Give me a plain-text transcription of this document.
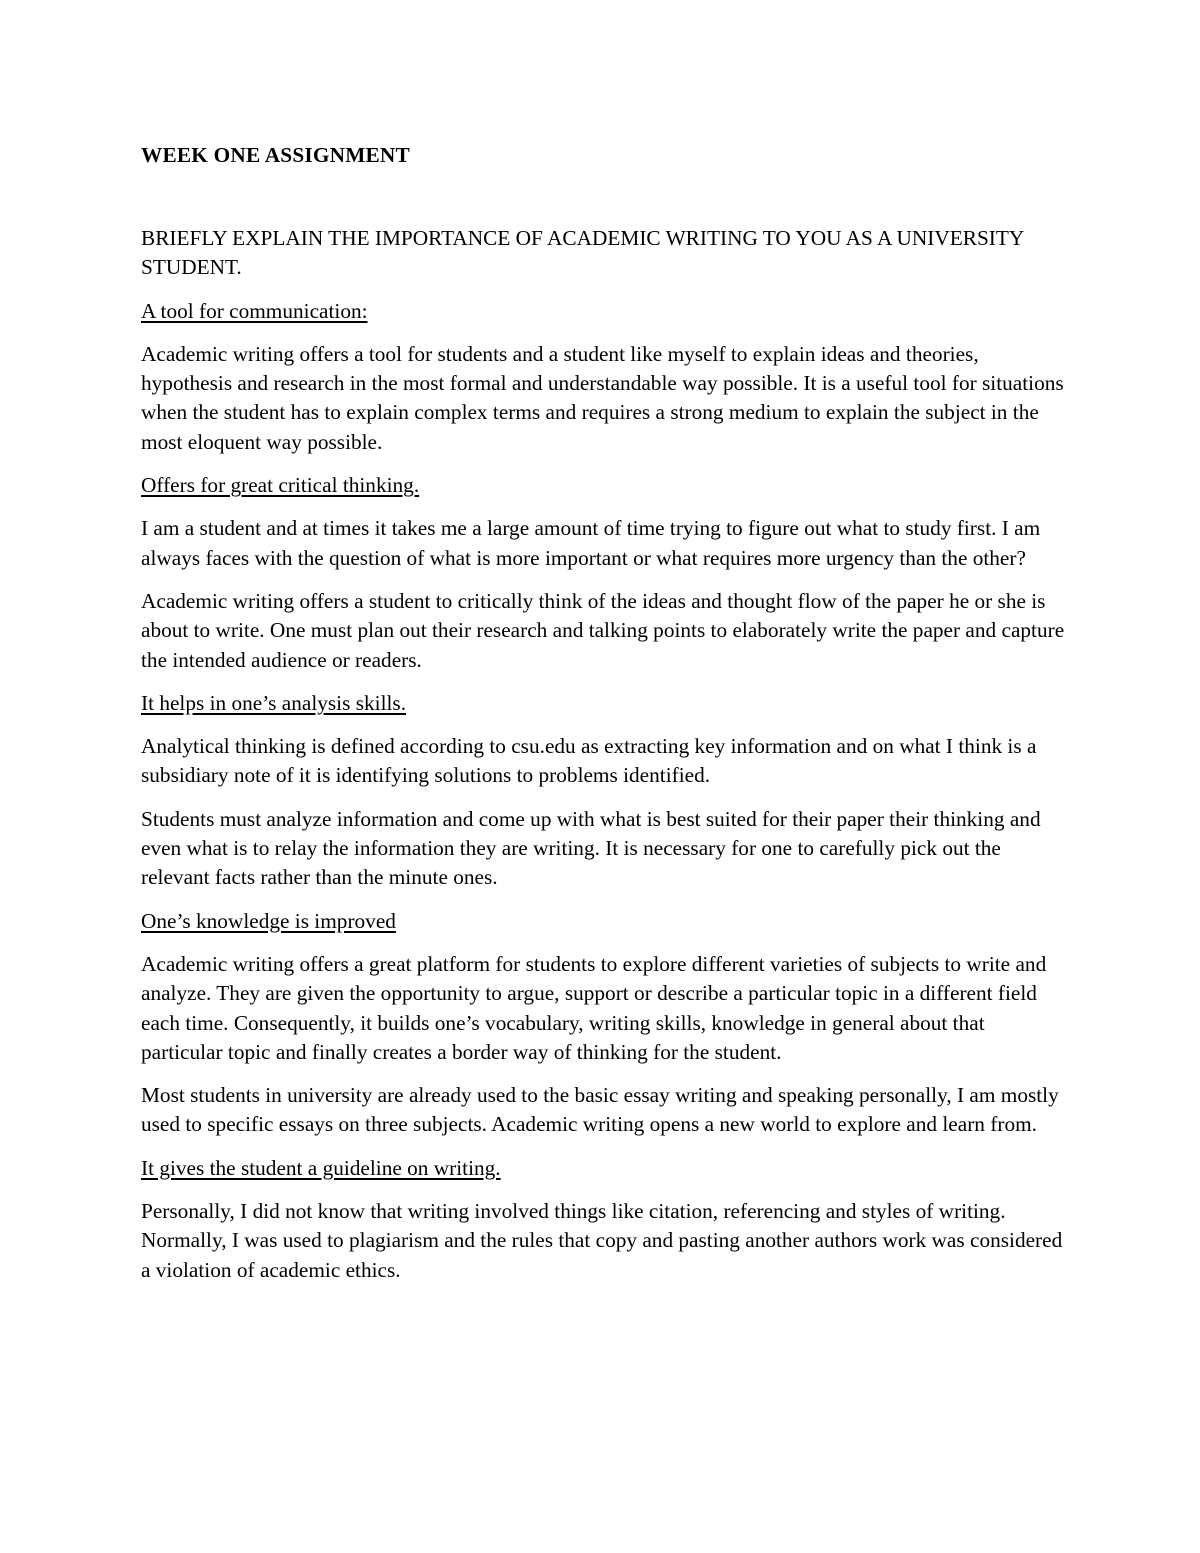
WEEK ONE ASSIGNMENT

BRIEFLY EXPLAIN THE IMPORTANCE OF ACADEMIC WRITING TO YOU AS A UNIVERSITY STUDENT.

A tool for communication:

Academic writing offers a tool for students and a student like myself to explain ideas and theories, hypothesis and research in the most formal and understandable way possible. It is a useful tool for situations when the student has to explain complex terms and requires a strong medium to explain the subject in the most eloquent way possible.

Offers for great critical thinking.

I am a student and at times it takes me a large amount of time trying to figure out what to study first. I am always faces with the question of what is more important or what requires more urgency than the other?

Academic writing offers a student to critically think of the ideas and thought flow of the paper he or she is about to write. One must plan out their research and talking points to elaborately write the paper and capture the intended audience or readers.

It helps in one’s analysis skills.

Analytical thinking is defined according to csu.edu as extracting key information and on what I think is a subsidiary note of it is identifying solutions to problems identified.

Students must analyze information and come up with what is best suited for their paper their thinking and even what is to relay the information they are writing. It is necessary for one to carefully pick out the relevant facts rather than the minute ones.

One’s knowledge is improved

Academic writing offers a great platform for students to explore different varieties of subjects to write and analyze. They are given the opportunity to argue, support or describe a particular topic in a different field each time. Consequently, it builds one’s vocabulary, writing skills, knowledge in general about that particular topic and finally creates a border way of thinking for the student.

Most students in university are already used to the basic essay writing and speaking personally, I am mostly used to specific essays on three subjects. Academic writing opens a new world to explore and learn from.

It gives the student a guideline on writing.

Personally, I did not know that writing involved things like citation, referencing and styles of writing. Normally, I was used to plagiarism and the rules that copy and pasting another authors work was considered a violation of academic ethics.
